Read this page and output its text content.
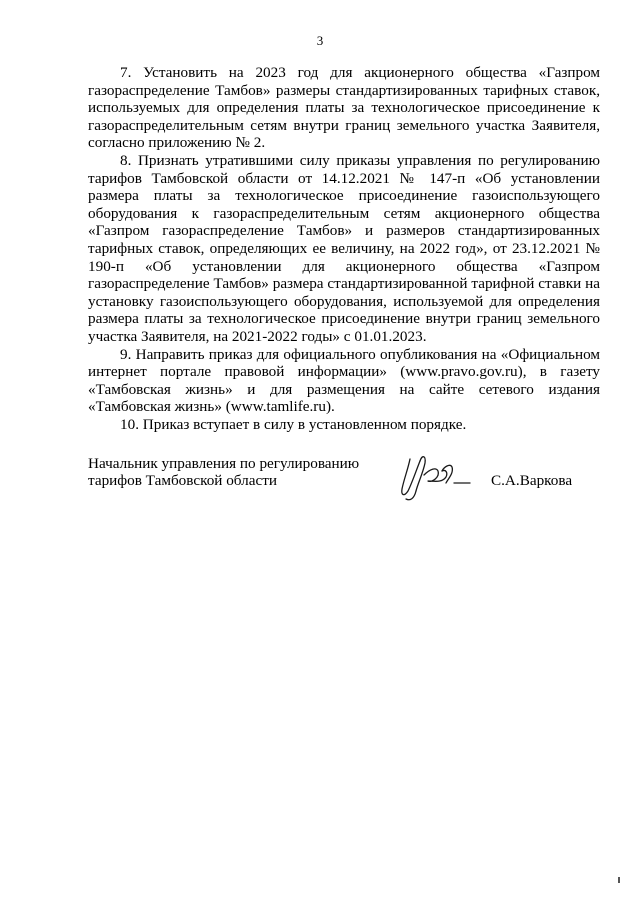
3

7. Установить на 2023 год для акционерного общества «Газпром газораспределение Тамбов» размеры стандартизированных тарифных ставок, используемых для определения платы за технологическое присоединение к газораспределительным сетям внутри границ земельного участка Заявителя, согласно приложению № 2.

8. Признать утратившими силу приказы управления по регулированию тарифов Тамбовской области от 14.12.2021 № 147-п «Об установлении размера платы за технологическое присоединение газоиспользующего оборудования к газораспределительным сетям акционерного общества «Газпром газораспределение Тамбов» и размеров стандартизированных тарифных ставок, определяющих ее величину, на 2022 год», от 23.12.2021 № 190-п «Об установлении для акционерного общества «Газпром газораспределение Тамбов» размера стандартизированной тарифной ставки на установку газоиспользующего оборудования, используемой для определения размера платы за технологическое присоединение внутри границ земельного участка Заявителя, на 2021-2022 годы» с 01.01.2023.

9. Направить приказ для официального опубликования на «Официальном интернет портале правовой информации» (www.pravo.gov.ru), в газету «Тамбовская жизнь» и для размещения на сайте сетевого издания «Тамбовская жизнь» (www.tamlife.ru).

10. Приказ вступает в силу в установленном порядке.

Начальник управления по регулированию
тарифов Тамбовской области	С.А.Варкова
